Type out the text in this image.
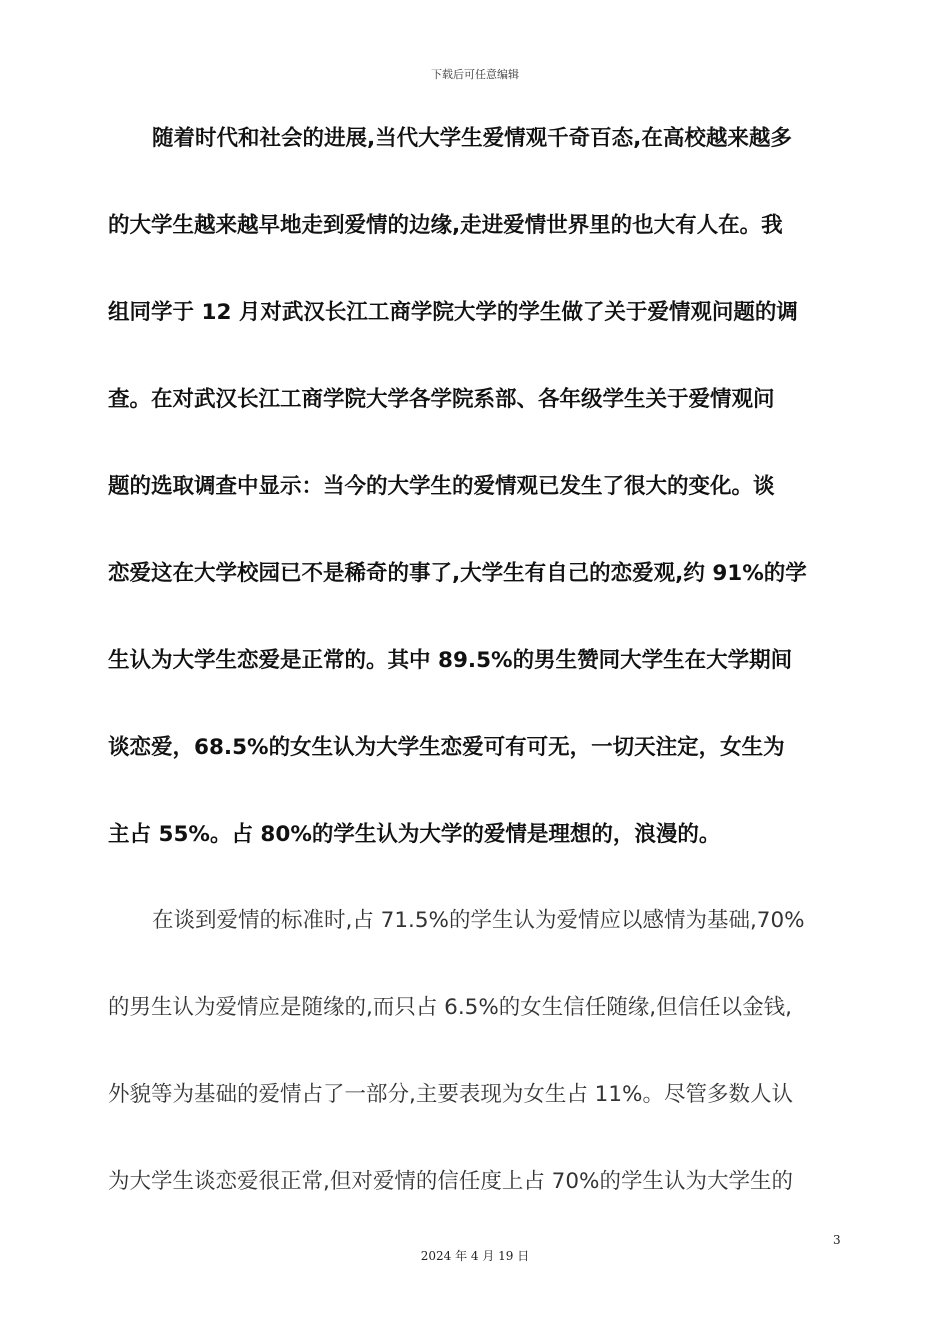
下载后可任意编辑
随着时代和社会的进展,当代大学生爱情观千奇百态,在高校越来越多
的大学生越来越早地走到爱情的边缘,走进爱情世界里的也大有人在。我
组同学于 12 月对武汉长江工商学院大学的学生做了关于爱情观问题的调
查。在对武汉长江工商学院大学各学院系部、各年级学生关于爱情观问
题的选取调查中显示：当今的大学生的爱情观已发生了很大的变化。谈
恋爱这在大学校园已不是稀奇的事了,大学生有自己的恋爱观,约 91%的学
生认为大学生恋爱是正常的。其中 89.5%的男生赞同大学生在大学期间
谈恋爱，68.5%的女生认为大学生恋爱可有可无，一切天注定，女生为
主占 55%。占 80%的学生认为大学的爱情是理想的，浪漫的。
在谈到爱情的标准时,占 71.5%的学生认为爱情应以感情为基础,70%
的男生认为爱情应是随缘的,而只占 6.5%的女生信任随缘,但信任以金钱,
外貌等为基础的爱情占了一部分,主要表现为女生占 11%。尽管多数人认
为大学生谈恋爱很正常,但对爱情的信任度上占 70%的学生认为大学生的
3
2024 年 4 月 19 日
